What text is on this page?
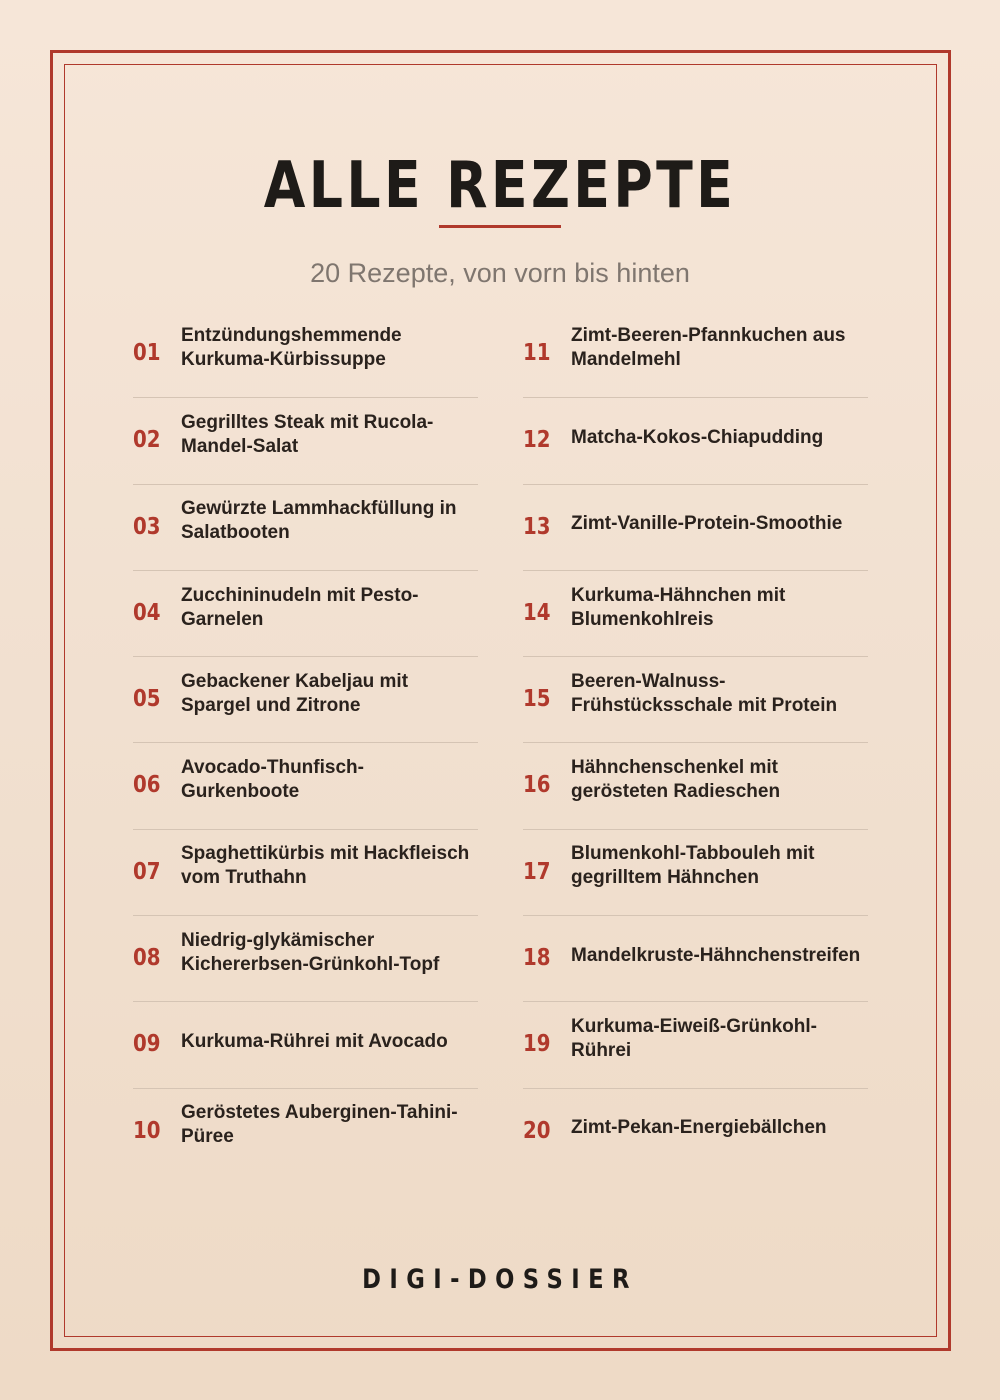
ALLE REZEPTE
20 Rezepte, von vorn bis hinten
01
Entzündungshemmende Kurkuma-Kürbissuppe
02
Gegrilltes Steak mit Rucola-Mandel-Salat
03
Gewürzte Lammhackfüllung in Salatbooten
04
Zucchininudeln mit Pesto-Garnelen
05
Gebackener Kabeljau mit Spargel und Zitrone
06
Avocado-Thunfisch-Gurkenboote
07
Spaghettikürbis mit Hackfleisch vom Truthahn
08
Niedrig-glykämischer Kichererbsen-Grünkohl-Topf
09	Kurkuma-Rührei mit Avocado
10
Geröstetes Auberginen-Tahini-Püree
11
Zimt-Beeren-Pfannkuchen aus Mandelmehl
12	Matcha-Kokos-Chiapudding
13	Zimt-Vanille-Protein-Smoothie
14
Kurkuma-Hähnchen mit Blumenkohlreis
15
Beeren-Walnuss-Frühstücksschale mit Protein
16
Hähnchenschenkel mit gerösteten Radieschen
17
Blumenkohl-Tabbouleh mit gegrilltem Hähnchen
18	Mandelkruste-Hähnchenstreifen
19
Kurkuma-Eiweiß-Grünkohl-Rührei
20	Zimt-Pekan-Energiebällchen
DIGI-DOSSIER
